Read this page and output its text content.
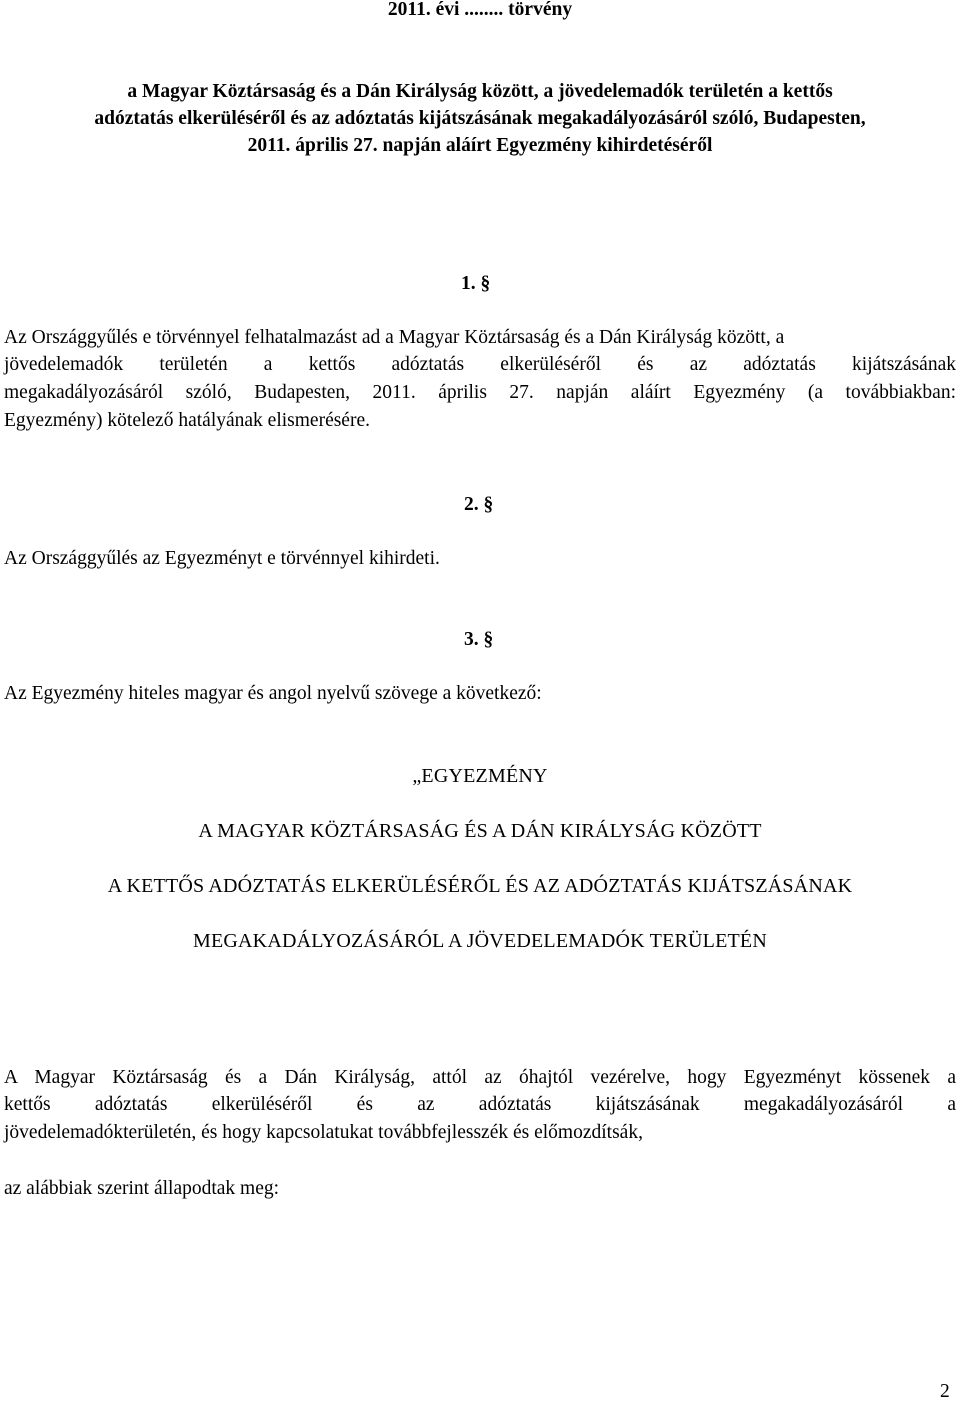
2011. évi ........ törvény
a Magyar Köztársaság és a Dán Királyság között, a jövedelemadók területén a kettős
adóztatás elkerüléséről és az adóztatás kijátszásának megakadályozásáról szóló, Budapesten,
2011. április 27. napján aláírt Egyezmény kihirdetéséről
1. §
Az Országgyűlés e törvénnyel felhatalmazást ad a Magyar Köztársaság és a Dán Királyság között, a
jövedelemadók területén a kettős adóztatás elkerüléséről és az adóztatás kijátszásának
megakadályozásáról szóló, Budapesten, 2011. április 27. napján aláírt Egyezmény (a továbbiakban:
Egyezmény) kötelező hatályának elismerésére.
2. §
Az Országgyűlés az Egyezményt e törvénnyel kihirdeti.
3. §
Az Egyezmény hiteles magyar és angol nyelvű szövege a következő:
„EGYEZMÉNY
A MAGYAR KÖZTÁRSASÁG ÉS A DÁN KIRÁLYSÁG KÖZÖTT
A KETTŐS ADÓZTATÁS ELKERÜLÉSÉRŐL ÉS AZ ADÓZTATÁS KIJÁTSZÁSÁNAK
MEGAKADÁLYOZÁSÁRÓL A JÖVEDELEMADÓK TERÜLETÉN
A Magyar Köztársaság és a Dán Királyság, attól az óhajtól vezérelve, hogy Egyezményt kössenek a
kettős adóztatás elkerüléséről és az adóztatás kijátszásának megakadályozásáról a
jövedelemadókterületén, és hogy kapcsolatukat továbbfejlesszék és előmozdítsák,
az alábbiak szerint állapodtak meg:
2
